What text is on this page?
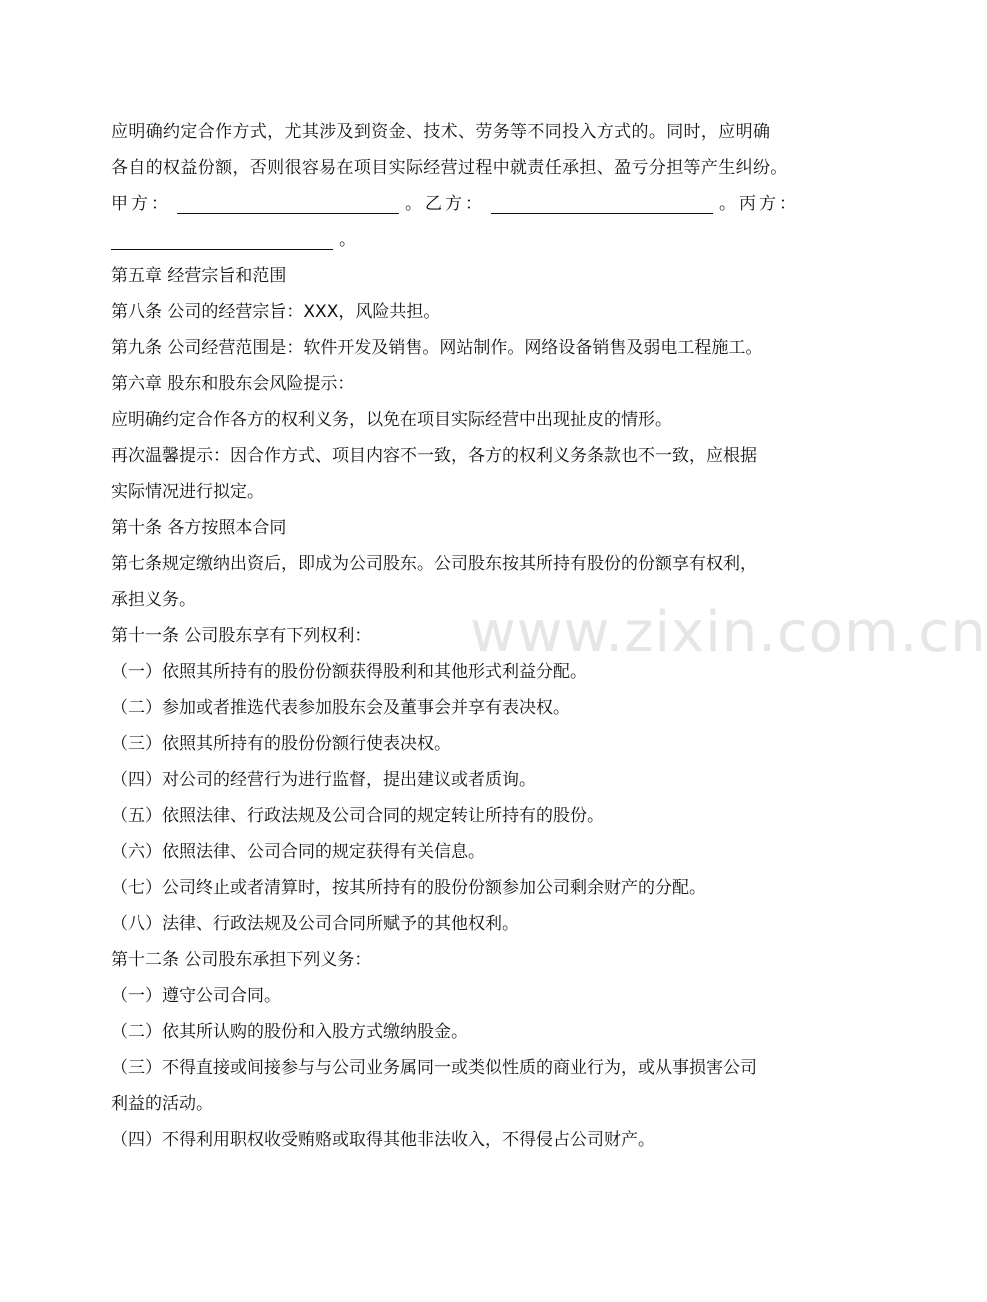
www.zixin.com.cn
应明确约定合作方式，尤其涉及到资金、技术、劳务等不同投入方式的。同时，应明确
各自的权益份额，否则很容易在项目实际经营过程中就责任承担、盈亏分担等产生纠纷。
甲方：	。乙方：	。丙方：
。
第五章 经营宗旨和范围
第八条 公司的经营宗旨：XXX，风险共担。
第九条 公司经营范围是：软件开发及销售。网站制作。网络设备销售及弱电工程施工。
第六章 股东和股东会风险提示：
应明确约定合作各方的权利义务，以免在项目实际经营中出现扯皮的情形。
再次温馨提示：因合作方式、项目内容不一致，各方的权利义务条款也不一致，应根据
实际情况进行拟定。
第十条 各方按照本合同
第七条规定缴纳出资后，即成为公司股东。公司股东按其所持有股份的份额享有权利，
承担义务。
第十一条 公司股东享有下列权利：
（一）依照其所持有的股份份额获得股利和其他形式利益分配。
（二）参加或者推选代表参加股东会及董事会并享有表决权。
（三）依照其所持有的股份份额行使表决权。
（四）对公司的经营行为进行监督，提出建议或者质询。
（五）依照法律、行政法规及公司合同的规定转让所持有的股份。
（六）依照法律、公司合同的规定获得有关信息。
（七）公司终止或者清算时，按其所持有的股份份额参加公司剩余财产的分配。
（八）法律、行政法规及公司合同所赋予的其他权利。
第十二条 公司股东承担下列义务：
（一）遵守公司合同。
（二）依其所认购的股份和入股方式缴纳股金。
（三）不得直接或间接参与与公司业务属同一或类似性质的商业行为，或从事损害公司
利益的活动。
（四）不得利用职权收受贿赂或取得其他非法收入，不得侵占公司财产。
